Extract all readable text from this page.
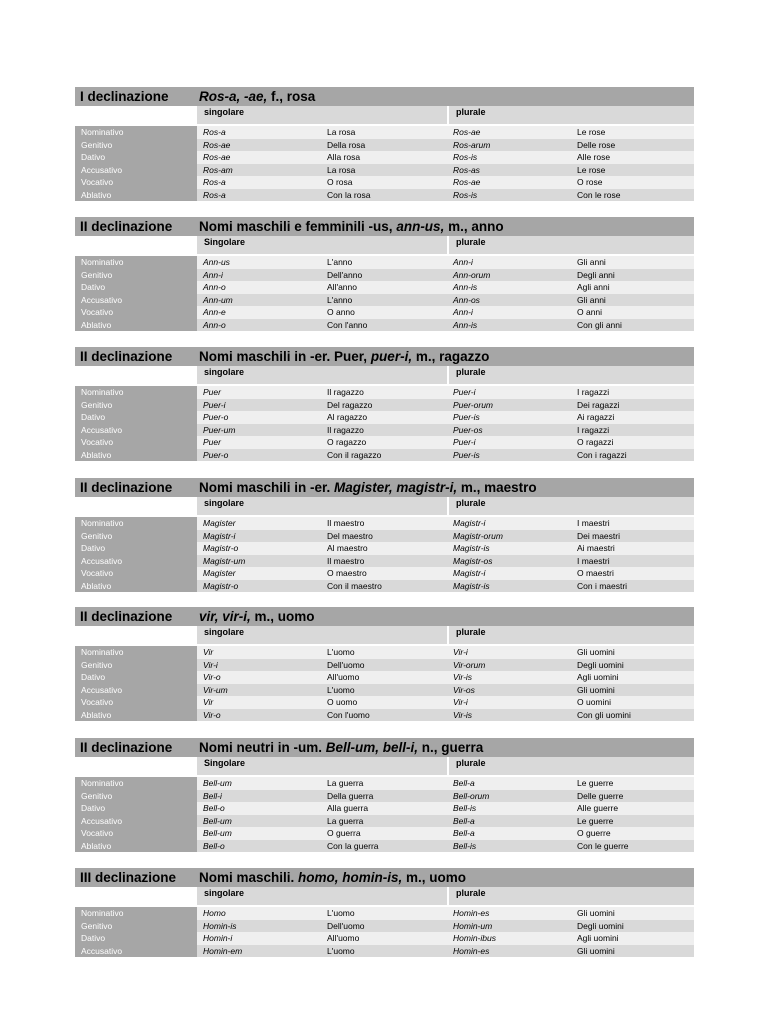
I declinazione	Ros-a, -ae, f., rosa
singolare	plurale
Nominativo	Ros-a	La rosa	Ros-ae	Le rose
Genitivo	Ros-ae	Della rosa	Ros-arum	Delle rose
Dativo	Ros-ae	Alla rosa	Ros-is	Alle rose
Accusativo	Ros-am	La rosa	Ros-as	Le rose
Vocativo	Ros-a	O rosa	Ros-ae	O rose
Ablativo	Ros-a	Con la rosa	Ros-is	Con le rose
II declinazione	Nomi maschili e femminili -us, ann-us, m., anno
Singolare	plurale
Nominativo	Ann-us	L'anno	Ann-i	Gli anni
Genitivo	Ann-i	Dell'anno	Ann-orum	Degli anni
Dativo	Ann-o	All'anno	Ann-is	Agli anni
Accusativo	Ann-um	L'anno	Ann-os	Gli anni
Vocativo	Ann-e	O anno	Ann-i	O anni
Ablativo	Ann-o	Con l'anno	Ann-is	Con gli anni
II declinazione	Nomi maschili in -er. Puer, puer-i, m., ragazzo
singolare	plurale
Nominativo	Puer	Il ragazzo	Puer-i	I ragazzi
Genitivo	Puer-i	Del ragazzo	Puer-orum	Dei ragazzi
Dativo	Puer-o	Al ragazzo	Puer-is	Ai ragazzi
Accusativo	Puer-um	Il ragazzo	Puer-os	I ragazzi
Vocativo	Puer	O ragazzo	Puer-i	O ragazzi
Ablativo	Puer-o	Con il ragazzo	Puer-is	Con i ragazzi
II declinazione	Nomi maschili in -er. Magister, magistr-i, m., maestro
singolare	plurale
Nominativo	Magister	Il maestro	Magistr-i	I maestri
Genitivo	Magistr-i	Del maestro	Magistr-orum	Dei maestri
Dativo	Magistr-o	Al maestro	Magistr-is	Ai maestri
Accusativo	Magistr-um	Il maestro	Magistr-os	I maestri
Vocativo	Magister	O maestro	Magistr-i	O maestri
Ablativo	Magistr-o	Con il maestro	Magistr-is	Con i maestri
II declinazione	vir, vir-i, m., uomo
singolare	plurale
Nominativo	Vir	L'uomo	Vir-i	Gli uomini
Genitivo	Vir-i	Dell'uomo	Vir-orum	Degli uomini
Dativo	Vir-o	All'uomo	Vir-is	Agli uomini
Accusativo	Vir-um	L'uomo	Vir-os	Gli uomini
Vocativo	Vir	O uomo	Vir-i	O uomini
Ablativo	Vir-o	Con l'uomo	Vir-is	Con gli uomini
II declinazione	Nomi neutri in -um. Bell-um, bell-i, n., guerra
Singolare	plurale
Nominativo	Bell-um	La guerra	Bell-a	Le guerre
Genitivo	Bell-i	Della guerra	Bell-orum	Delle guerre
Dativo	Bell-o	Alla guerra	Bell-is	Alle guerre
Accusativo	Bell-um	La guerra	Bell-a	Le guerre
Vocativo	Bell-um	O guerra	Bell-a	O guerre
Ablativo	Bell-o	Con la guerra	Bell-is	Con le guerre
III declinazione	Nomi maschili. homo, homin-is, m., uomo
singolare	plurale
Nominativo	Homo	L'uomo	Homin-es	Gli uomini
Genitivo	Homin-is	Dell'uomo	Homin-um	Degli uomini
Dativo	Homin-i	All'uomo	Homin-ibus	Agli uomini
Accusativo	Homin-em	L'uomo	Homin-es	Gli uomini
